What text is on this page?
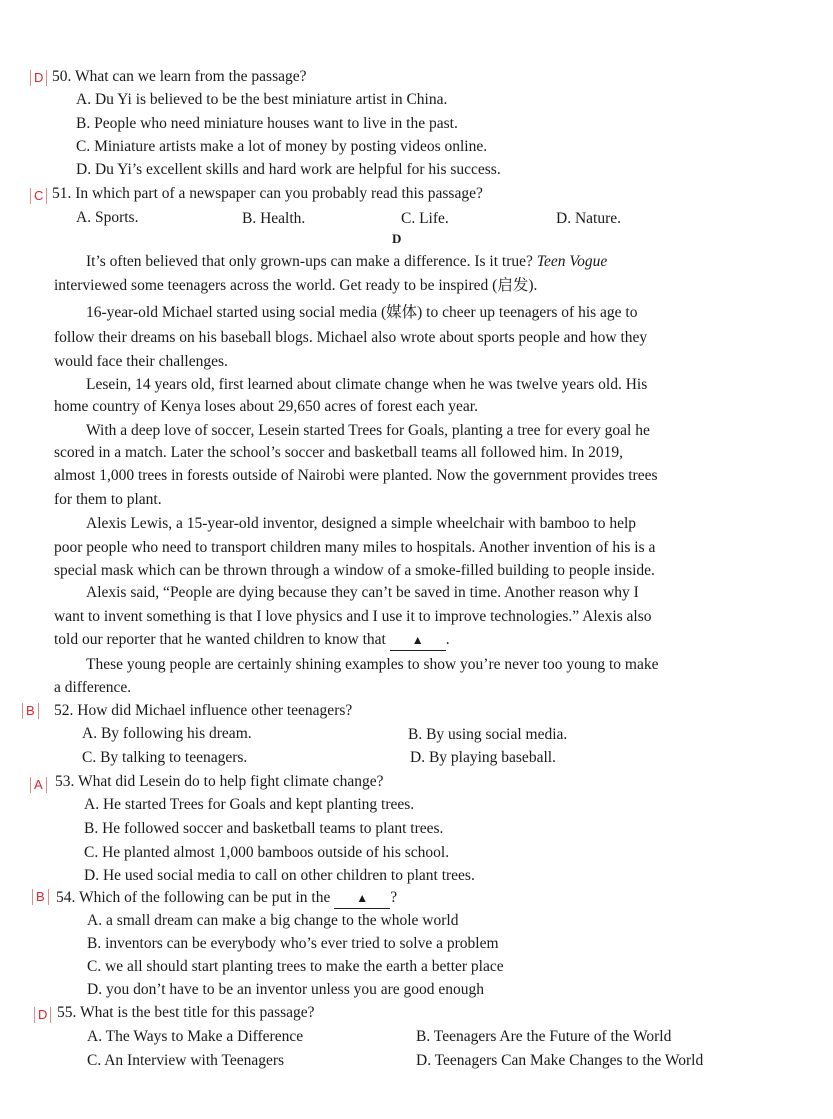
D 50. What can we learn from the passage?
A. Du Yi is believed to be the best miniature artist in China.
B. People who need miniature houses want to live in the past.
C. Miniature artists make a lot of money by posting videos online.
D. Du Yi’s excellent skills and hard work are helpful for his success.
C 51. In which part of a newspaper can you probably read this passage?
A. Sports.	B. Health.	C. Life.	D. Nature.
D
It’s often believed that only grown-ups can make a difference. Is it true? Teen Vogue
interviewed some teenagers across the world. Get ready to be inspired (启发).
16-year-old Michael started using social media (媒体) to cheer up teenagers of his age to
follow their dreams on his baseball blogs. Michael also wrote about sports people and how they
would face their challenges.
Lesein, 14 years old, first learned about climate change when he was twelve years old. His
home country of Kenya loses about 29,650 acres of forest each year.
With a deep love of soccer, Lesein started Trees for Goals, planting a tree for every goal he
scored in a match. Later the school’s soccer and basketball teams all followed him. In 2019,
almost 1,000 trees in forests outside of Nairobi were planted. Now the government provides trees
for them to plant.
Alexis Lewis, a 15-year-old inventor, designed a simple wheelchair with bamboo to help
poor people who need to transport children many miles to hospitals. Another invention of his is a
special mask which can be thrown through a window of a smoke-filled building to people inside.
Alexis said, “People are dying because they can’t be saved in time. Another reason why I
want to invent something is that I love physics and I use it to improve technologies.” Alexis also
told our reporter that he wanted children to know that ▲ .
These young people are certainly shining examples to show you’re never too young to make
a difference.
B 52. How did Michael influence other teenagers?
A. By following his dream.	B. By using social media.
C. By talking to teenagers.	D. By playing baseball.
A 53. What did Lesein do to help fight climate change?
A. He started Trees for Goals and kept planting trees.
B. He followed soccer and basketball teams to plant trees.
C. He planted almost 1,000 bamboos outside of his school.
D. He used social media to call on other children to plant trees.
B 54. Which of the following can be put in the ▲ ?
A. a small dream can make a big change to the whole world
B. inventors can be everybody who’s ever tried to solve a problem
C. we all should start planting trees to make the earth a better place
D. you don’t have to be an inventor unless you are good enough
D 55. What is the best title for this passage?
A. The Ways to Make a Difference	B. Teenagers Are the Future of the World
C. An Interview with Teenagers	D. Teenagers Can Make Changes to the World
